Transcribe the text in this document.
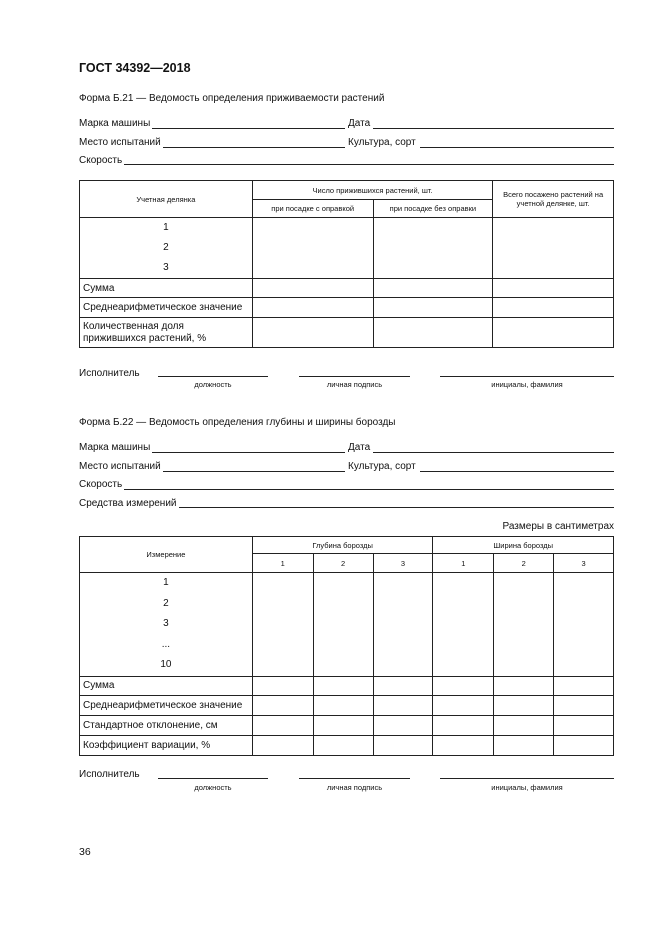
ГОСТ 34392—2018
Форма Б.21 — Ведомость определения приживаемости растений
Марка машины	Дата
Место испытаний	Культура, сорт
Скорость
Учетная делянка	Число прижившихся растений, шт.		Всего посажено растений на учетной делянке, шт.
	при посадке с оправкой	при посадке без оправки	

1
2
3			

Сумма			
Среднеарифметическое значение			
Количественная доля прижившихся растений, %			
Исполнитель
должность	личная подпись	инициалы, фамилия
Форма Б.22 — Ведомость определения глубины и ширины борозды
Марка машины	Дата
Место испытаний	Культура, сорт
Скорость
Средства измерений
Размеры в сантиметрах
Измерение	Глубина борозды			Ширина борозды		
	1	2	3	1	2	3

1
2
3
...
10						

Сумма						
Среднеарифметическое значение						
Стандартное отклонение, см						
Коэффициент вариации, %						
Исполнитель
должность	личная подпись	инициалы, фамилия
36
